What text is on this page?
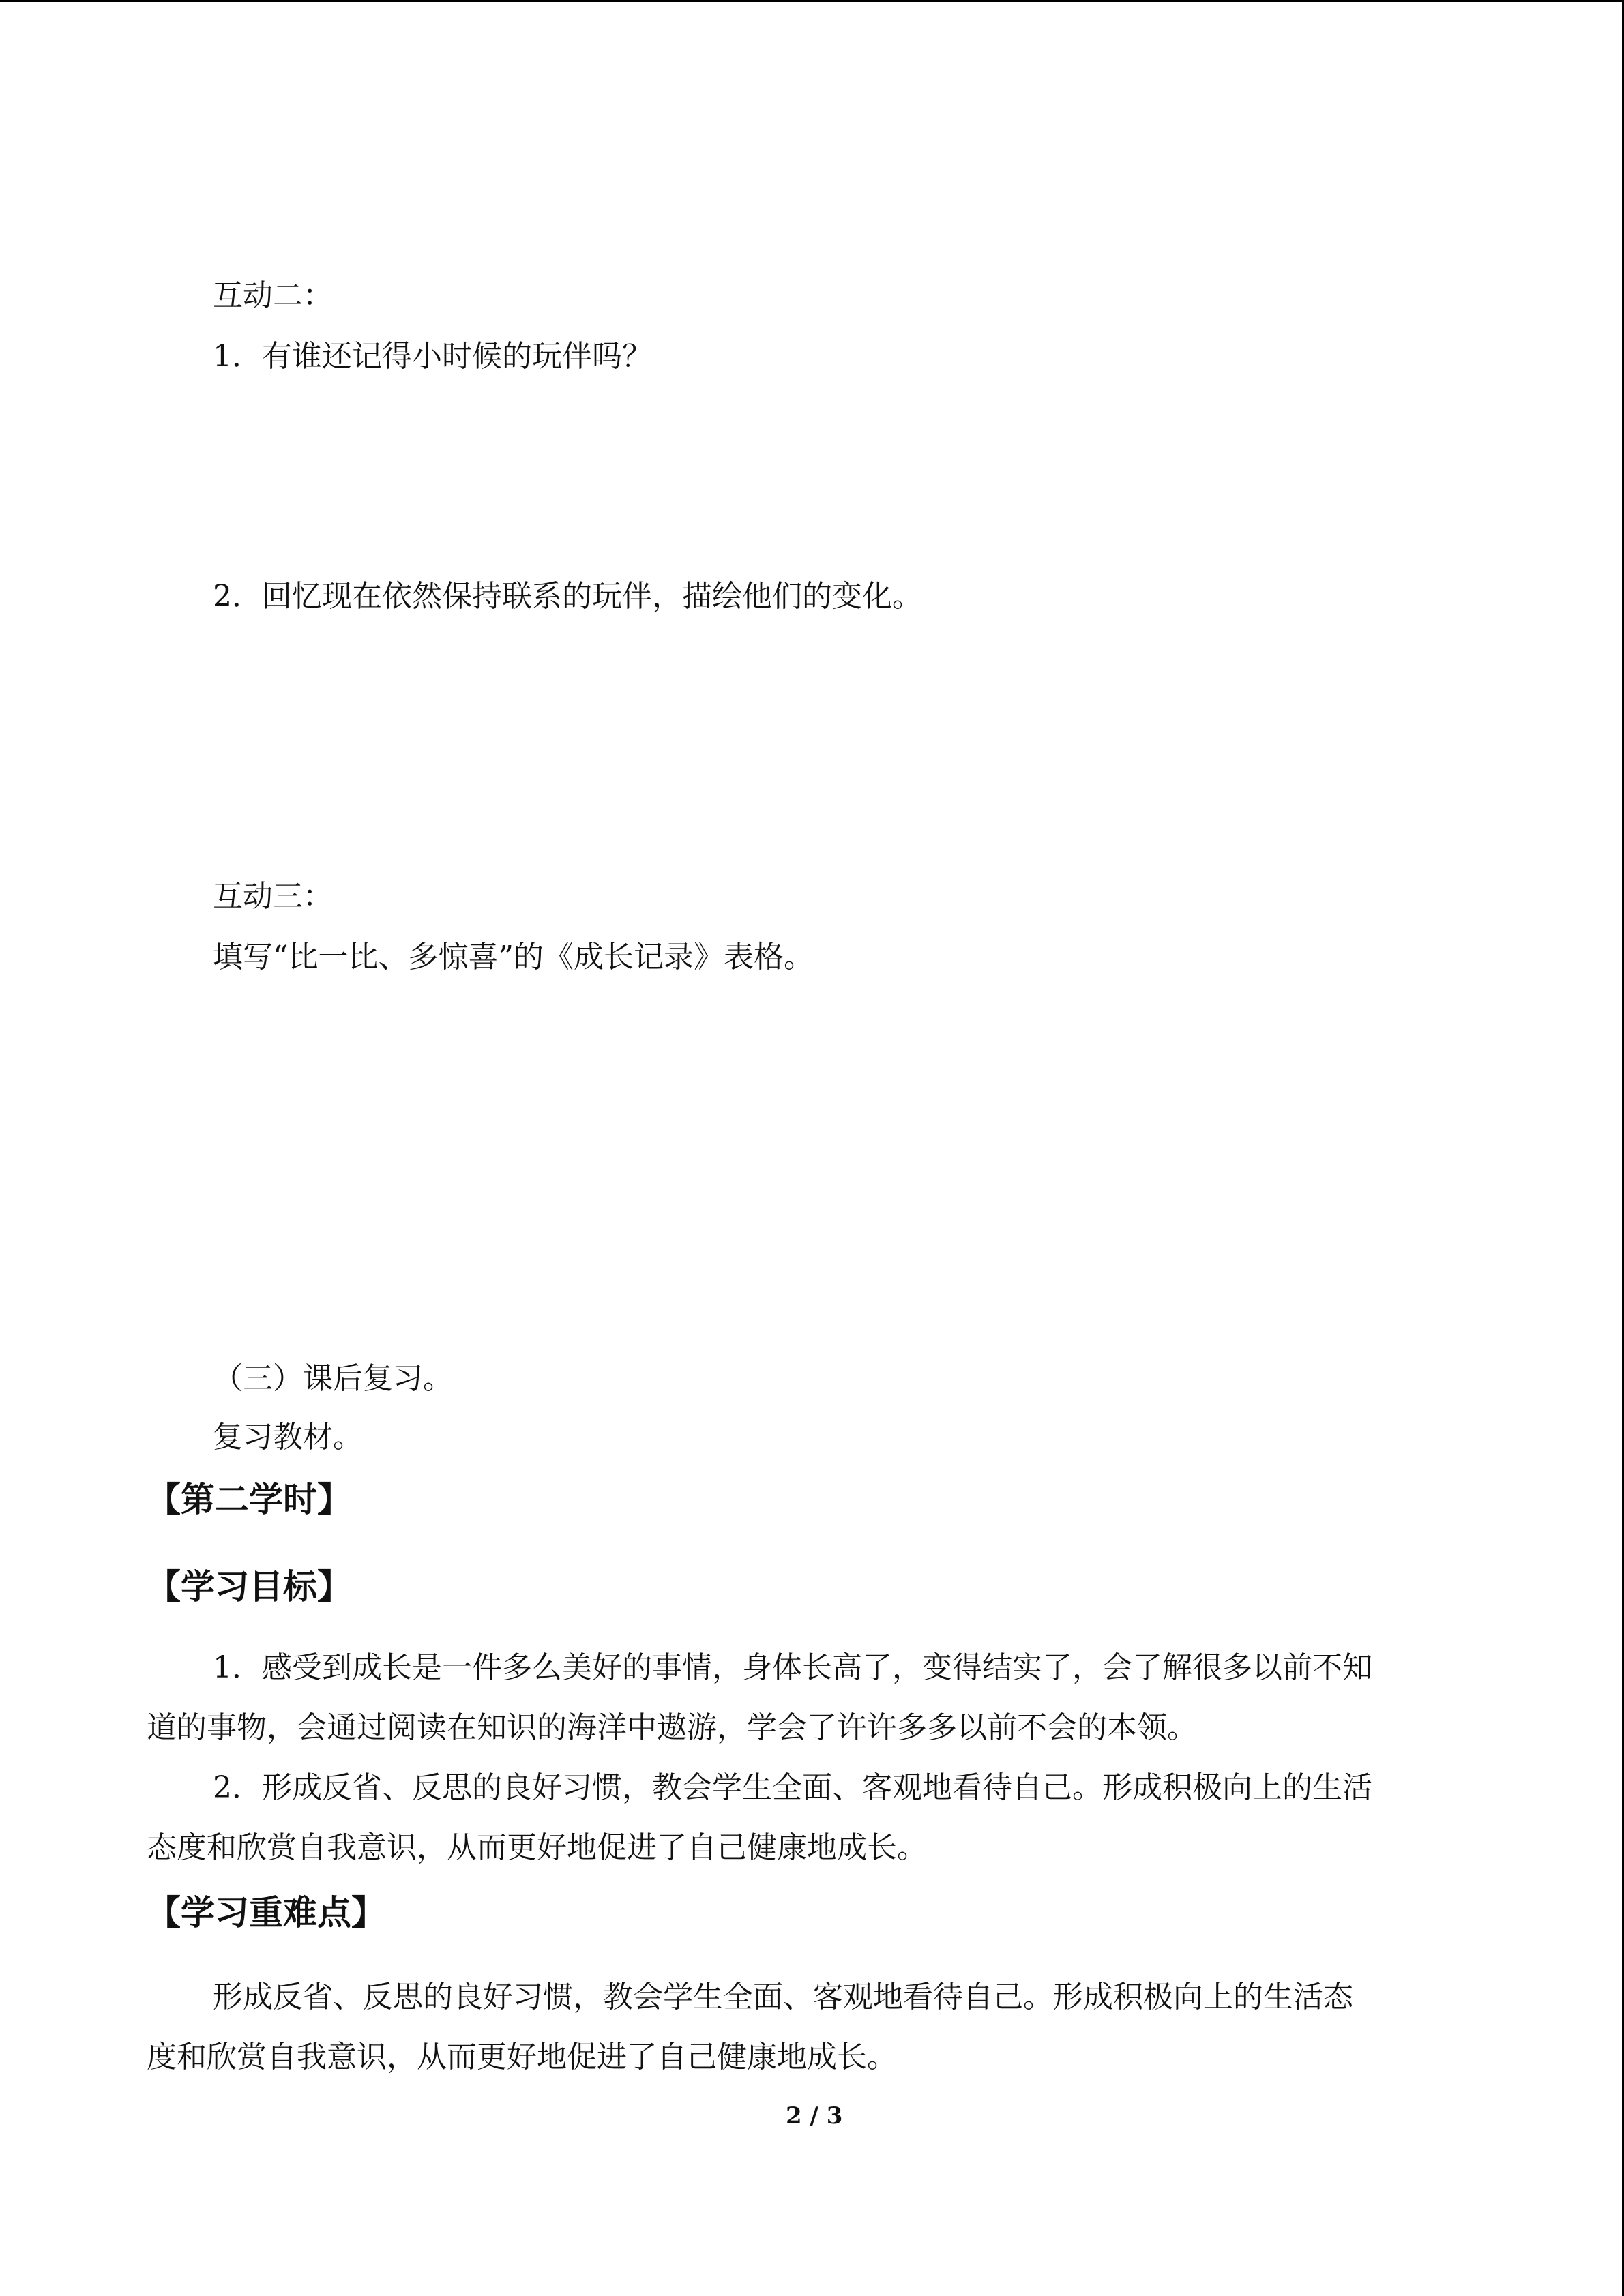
互动二：
1．有谁还记得小时候的玩伴吗？
2．回忆现在依然保持联系的玩伴，描绘他们的变化。
互动三：
填写“比一比、多惊喜”的《成长记录》表格。
（三）课后复习。
复习教材。
【第二学时】
【学习目标】
1．感受到成长是一件多么美好的事情，身体长高了，变得结实了，会了解很多以前不知
道的事物，会通过阅读在知识的海洋中遨游，学会了许许多多以前不会的本领。
2．形成反省、反思的良好习惯，教会学生全面、客观地看待自己。形成积极向上的生活
态度和欣赏自我意识，从而更好地促进了自己健康地成长。
【学习重难点】
形成反省、反思的良好习惯，教会学生全面、客观地看待自己。形成积极向上的生活态
度和欣赏自我意识，从而更好地促进了自己健康地成长。
2 / 3
